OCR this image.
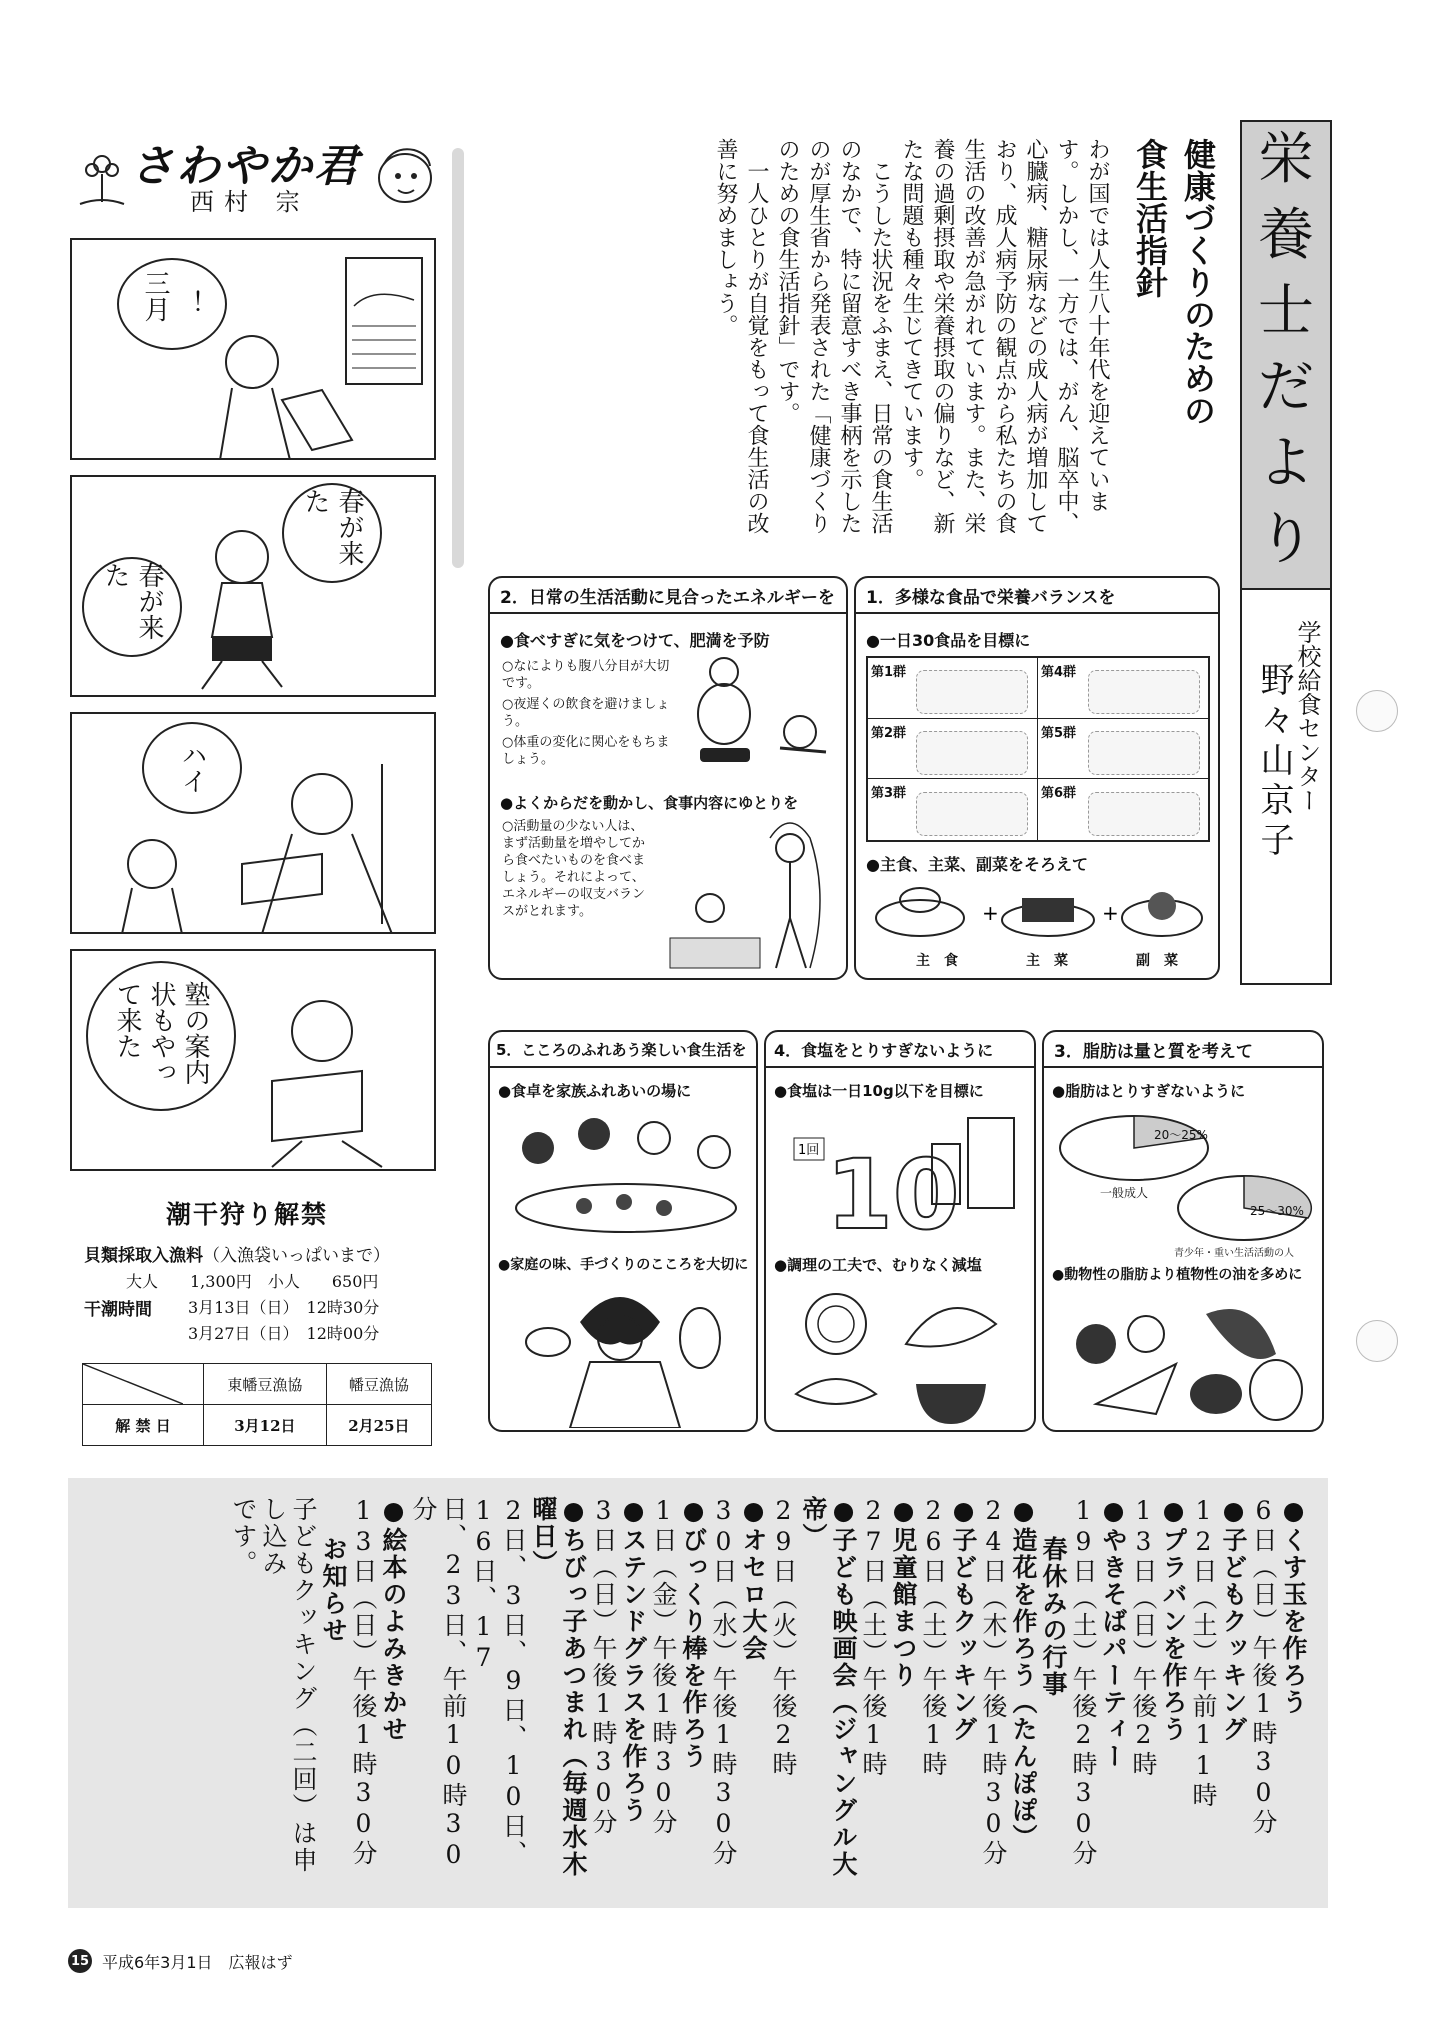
さわやか君
西村 宗
三月 ！
春が来た
春が来た
ハイ
塾の案内状もやって来た
潮干狩り解禁
貝類採取入漁料（入漁袋いっぱいまで）
大人　　1,300円　 小人　　650円
干潮時間 3月13日（日）　12時30分
3月27日（日）　12時00分
	東幡豆漁協	幡豆漁協
解 禁 日	3月12日	2月25日
栄
養
士
だ
よ
り
学校給食センター
野々山京子
健康づくりのための
食生活指針
わが国では人生八十年代を迎えています。しかし、一方では、がん、脳卒中、心臓病、糖尿病などの成人病が増加しており、成人病予防の観点から私たちの食生活の改善が急がれています。また、栄養の過剰摂取や栄養摂取の偏りなど、新たな問題も種々生じてきています。
こうした状況をふまえ、日常の食生活のなかで、特に留意すべき事柄を示したのが厚生省から発表された「健康づくりのための食生活指針」です。
一人ひとりが自覚をもって食生活の改善に努めましょう。
2．日常の生活活動に見合ったエネルギーを
●食べすぎに気をつけて、肥満を予防
○なによりも腹八分目が大切です。
○夜遅くの飲食を避けましょう。
○体重の変化に関心をもちましょう。
●よくからだを動かし、食事内容にゆとりを
○活動量の少ない人は、まず活動量を増やしてから食べたいものを食べましょう。それによって、エネルギーの収支バランスがとれます。
1．多様な食品で栄養バランスを
●一日30食品を目標に
第1群	第4群
第2群	第5群
第3群	第6群
●主食、主菜、副菜をそろえて
+	+
主　食	主　菜	副　菜
5．こころのふれあう楽しい食生活を
●食卓を家族ふれあいの場に
●家庭の味、手づくりのこころを大切に
4．食塩をとりすぎないように
●食塩は一日10g以下を目標に
1回 10
●調理の工夫で、むりなく減塩
3．脂肪は量と質を考えて
●脂肪はとりすぎないように
20～25%
一般成人
25～30%
青少年・重い生活活動の人
●動物性の脂肪より植物性の油を多めに
●くす玉を作ろう
6日（日）午後1時30分
●子どもクッキング
12日（土）午前11時
●プラバンを作ろう
13日（日）午後2時
●やきそばパーティー
19日（土）午後2時30分
春休みの行事
●造花を作ろう（たんぽぽ）
24日（木）午後1時30分
●子どもクッキング
26日（土）午後1時
●児童館まつり
27日（土）午後1時
●子ども映画会（ジャングル大帝）
29日（火）午後2時
●オセロ大会
30日（水）午後1時30分
●びっくり棒を作ろう
1日（金）午後1時30分
●ステンドグラスを作ろう
3日（日）午後1時30分
●ちびっ子あつまれ（毎週水木曜日）
2日、3日、9日、10日、16日、17
日、23日、午前10時30分
●絵本のよみきかせ
13日（日）午後1時30分
お知らせ
子どもクッキング（二回）は申し込み
です。
15 平成6年3月1日　広報はず
